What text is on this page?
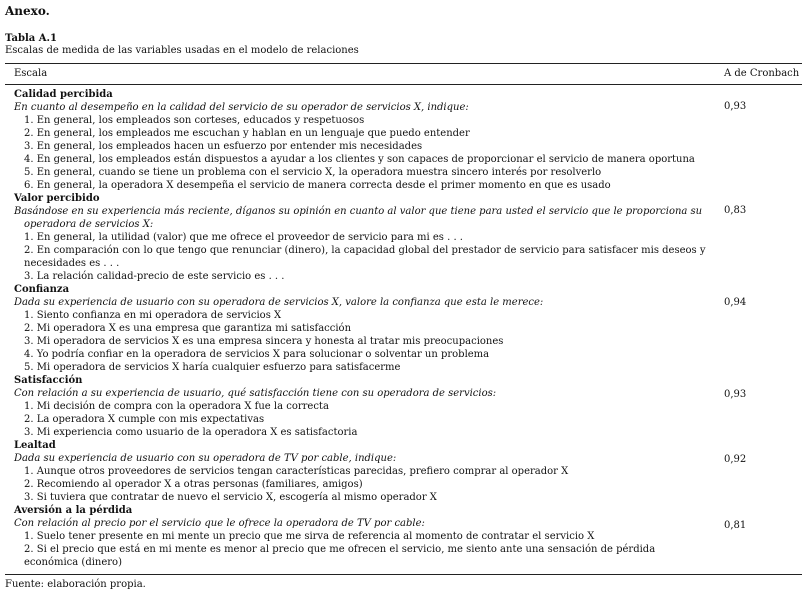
Anexo.
Tabla A.1
Escalas de medida de las variables usadas en el modelo de relaciones
Escala	A de Cronbach
Calidad percibida
En cuanto al desempeño en la calidad del servicio de su operador de servicios X, indique:
1. En general, los empleados son corteses, educados y respetuosos
2. En general, los empleados me escuchan y hablan en un lenguaje que puedo entender
3. En general, los empleados hacen un esfuerzo por entender mis necesidades
4. En general, los empleados están dispuestos a ayudar a los clientes y son capaces de proporcionar el servicio de manera oportuna
5. En general, cuando se tiene un problema con el servicio X, la operadora muestra sincero interés por resolverlo
6. En general, la operadora X desempeña el servicio de manera correcta desde el primer momento en que es usado
Valor percibido
Basándose en su experiencia más reciente, díganos su opinión en cuanto al valor que tiene para usted el servicio que le proporciona su
operadora de servicios X:
1. En general, la utilidad (valor) que me ofrece el proveedor de servicio para mi es . . .
2. En comparación con lo que tengo que renunciar (dinero), la capacidad global del prestador de servicio para satisfacer mis deseos y
necesidades es . . .
3. La relación calidad-precio de este servicio es . . .
Confianza
Dada su experiencia de usuario con su operadora de servicios X, valore la confianza que esta le merece:
1. Siento confianza en mi operadora de servicios X
2. Mi operadora X es una empresa que garantiza mi satisfacción
3. Mi operadora de servicios X es una empresa sincera y honesta al tratar mis preocupaciones
4. Yo podría confiar en la operadora de servicios X para solucionar o solventar un problema
5. Mi operadora de servicios X haría cualquier esfuerzo para satisfacerme
Satisfacción
Con relación a su experiencia de usuario, qué satisfacción tiene con su operadora de servicios:
1. Mi decisión de compra con la operadora X fue la correcta
2. La operadora X cumple con mis expectativas
3. Mi experiencia como usuario de la operadora X es satisfactoria
Lealtad
Dada su experiencia de usuario con su operadora de TV por cable, indique:
1. Aunque otros proveedores de servicios tengan características parecidas, prefiero comprar al operador X
2. Recomiendo al operador X a otras personas (familiares, amigos)
3. Si tuviera que contratar de nuevo el servicio X, escogería al mismo operador X
Aversión a la pérdida
Con relación al precio por el servicio que le ofrece la operadora de TV por cable:
1. Suelo tener presente en mi mente un precio que me sirva de referencia al momento de contratar el servicio X
2. Si el precio que está en mi mente es menor al precio que me ofrecen el servicio, me siento ante una sensación de pérdida
económica (dinero)
0,93
0,83
0,94
0,93
0,92
0,81
Fuente: elaboración propia.
